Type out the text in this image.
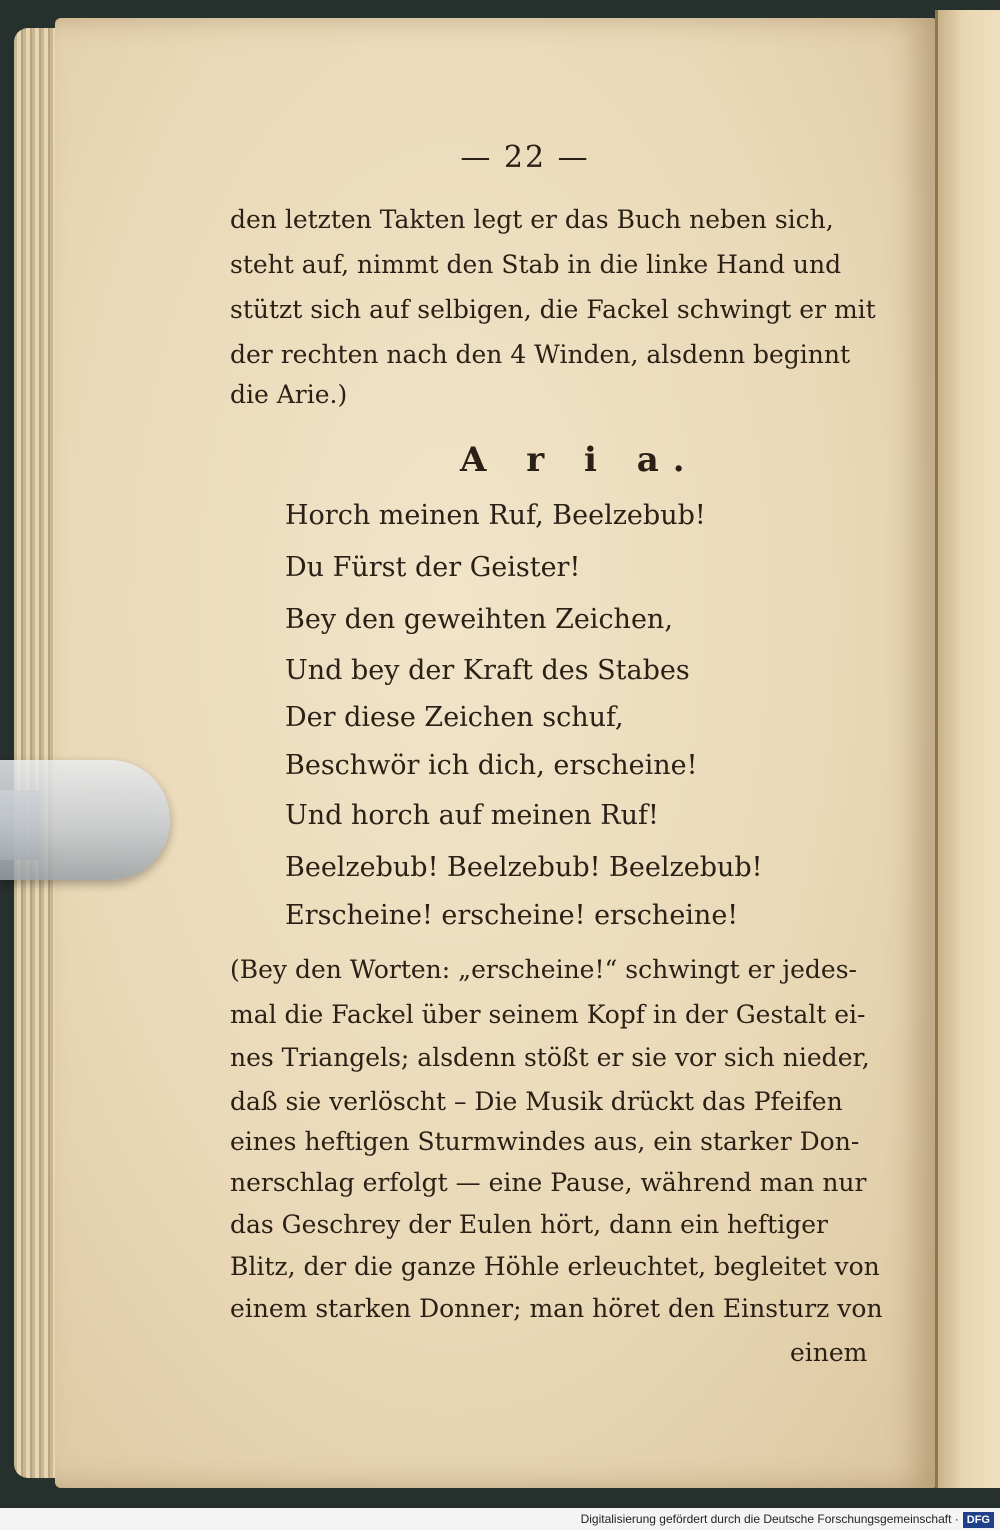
— 22 —
den letzten Takten legt er das Buch neben sich,
steht auf, nimmt den Stab in die linke Hand und
stützt sich auf selbigen, die Fackel schwingt er mit
der rechten nach den 4 Winden, alsdenn beginnt
die Arie.)
A r i a.
Horch meinen Ruf, Beelzebub!
Du Fürst der Geister!
Bey den geweihten Zeichen,
Und bey der Kraft des Stabes
Der diese Zeichen schuf,
Beschwör ich dich, erscheine!
Und horch auf meinen Ruf!
Beelzebub! Beelzebub! Beelzebub!
Erscheine! erscheine! erscheine!
(Bey den Worten: „erscheine!“ schwingt er jedes-
mal die Fackel über seinem Kopf in der Gestalt ei-
nes Triangels; alsdenn stößt er sie vor sich nieder,
daß sie verlöscht – Die Musik drückt das Pfeifen
eines heftigen Sturmwindes aus, ein starker Don-
nerschlag erfolgt — eine Pause, während man nur
das Geschrey der Eulen hört, dann ein heftiger
Blitz, der die ganze Höhle erleuchtet, begleitet von
einem starken Donner; man höret den Einsturz von
einem
Digitalisierung gefördert durch die Deutsche Forschungsgemeinschaft · DFG
